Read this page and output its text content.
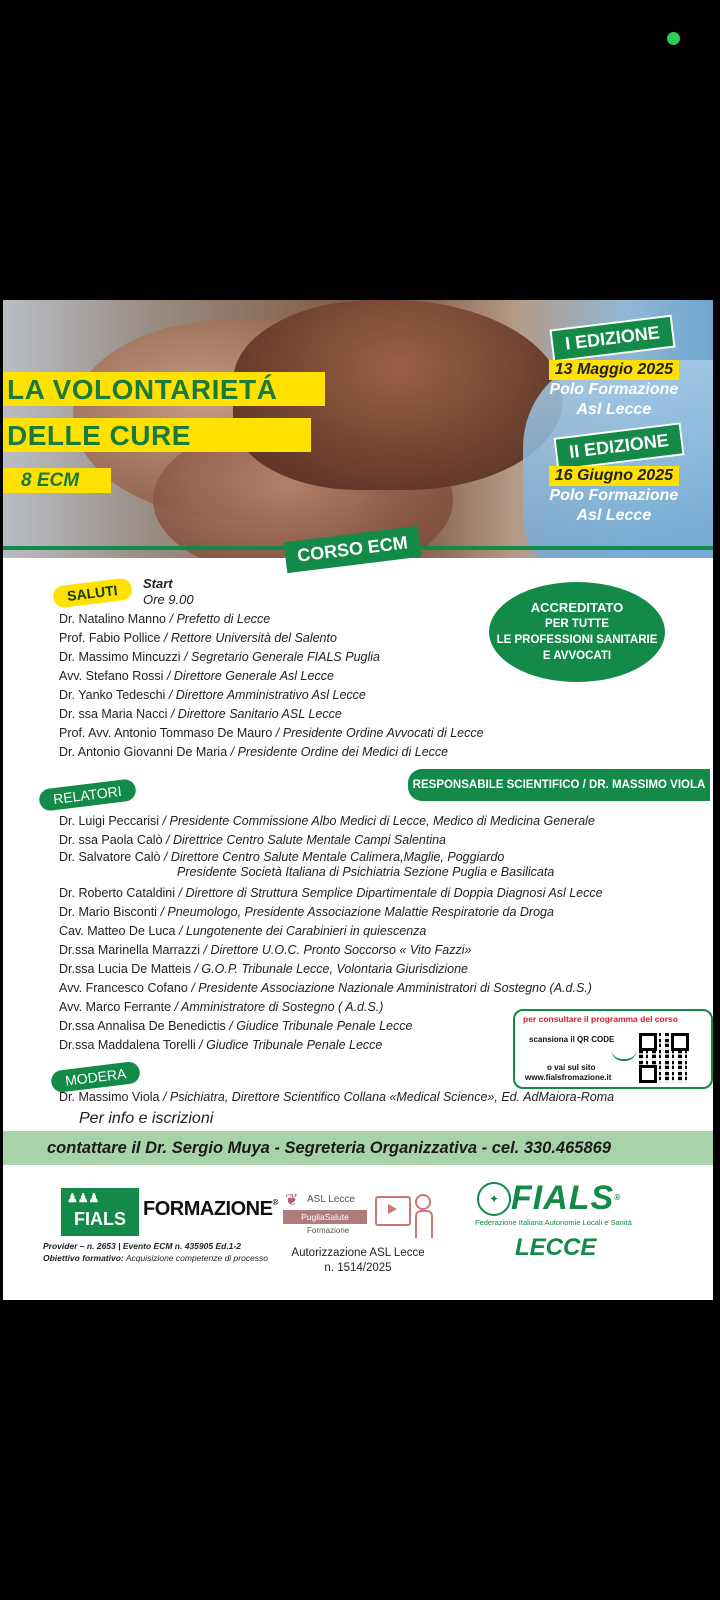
LA VOLONTARIETÁ
DELLE CURE
8 ECM
I EDIZIONE
13 Maggio 2025
Polo Formazione
Asl Lecce
II EDIZIONE
16 Giugno 2025
Polo Formazione
Asl Lecce
CORSO ECM
SALUTI	Start
Ore 9.00
Dr. Natalino Manno / Prefetto di Lecce
Prof. Fabio Pollice / Rettore Università del Salento
Dr. Massimo Mincuzzi / Segretario Generale FIALS Puglia
Avv. Stefano Rossi / Direttore Generale Asl Lecce
Dr. Yanko Tedeschi / Direttore Amministrativo Asl Lecce
Dr. ssa Maria Nacci / Direttore Sanitario ASL Lecce
Prof. Avv. Antonio Tommaso De Mauro / Presidente Ordine Avvocati di Lecce
Dr. Antonio Giovanni De Maria / Presidente Ordine dei Medici di Lecce
ACCREDITATO
PER TUTTE
LE PROFESSIONI SANITARIE
E AVVOCATI
RESPONSABILE SCIENTIFICO / DR. MASSIMO VIOLA
RELATORI
Dr. Luigi Peccarisi / Presidente Commissione Albo Medici di Lecce, Medico di Medicina Generale
Dr. ssa Paola Calò / Direttrice Centro Salute Mentale Campi Salentina
Dr. Salvatore Calò / Direttore Centro Salute Mentale Calimera,Maglie, Poggiardo
Presidente Società Italiana di Psichiatria Sezione Puglia e Basilicata
Dr. Roberto Cataldini / Direttore di Struttura Semplice Dipartimentale di Doppia Diagnosi Asl Lecce
Dr. Mario Bisconti / Pneumologo, Presidente Associazione Malattie Respiratorie da Droga
Cav. Matteo De Luca / Lungotenente dei Carabinieri in quiescenza
Dr.ssa Marinella Marrazzi / Direttore U.O.C. Pronto Soccorso « Vito Fazzi»
Dr.ssa Lucia De Matteis / G.O.P. Tribunale Lecce, Volontaria Giurisdizione
Avv. Francesco Cofano / Presidente Associazione Nazionale Amministratori di Sostegno (A.d.S.)
Avv. Marco Ferrante / Amministratore di Sostegno ( A.d.S.)
Dr.ssa Annalisa De Benedictis / Giudice Tribunale Penale Lecce
Dr.ssa Maddalena Torelli / Giudice Tribunale Penale Lecce
per consultare il programma del corso
scansiona il QR CODE
o vai sul sito
www.fialsfromazione.it
MODERA
Dr. Massimo Viola / Psichiatra, Direttore Scientifico Collana «Medical Science», Ed. AdMaiora-Roma
Per info e iscrizioni
contattare il Dr. Sergio Muya - Segreteria Organizzativa - cel. 330.465869
♟♟♟
FIALS FORMAZIONE®
Provider – n. 2653 | Evento ECM n. 435905 Ed.1-2
Obiettivo formativo: Acquisizione competenze di processo
❦ ASL Lecce
PugliaSalute
Formazione
Autorizzazione ASL Lecce
n. 1514/2025
✦ FIALS®
Federazione Italiana Autonomie Locali e Sanità
LECCE
